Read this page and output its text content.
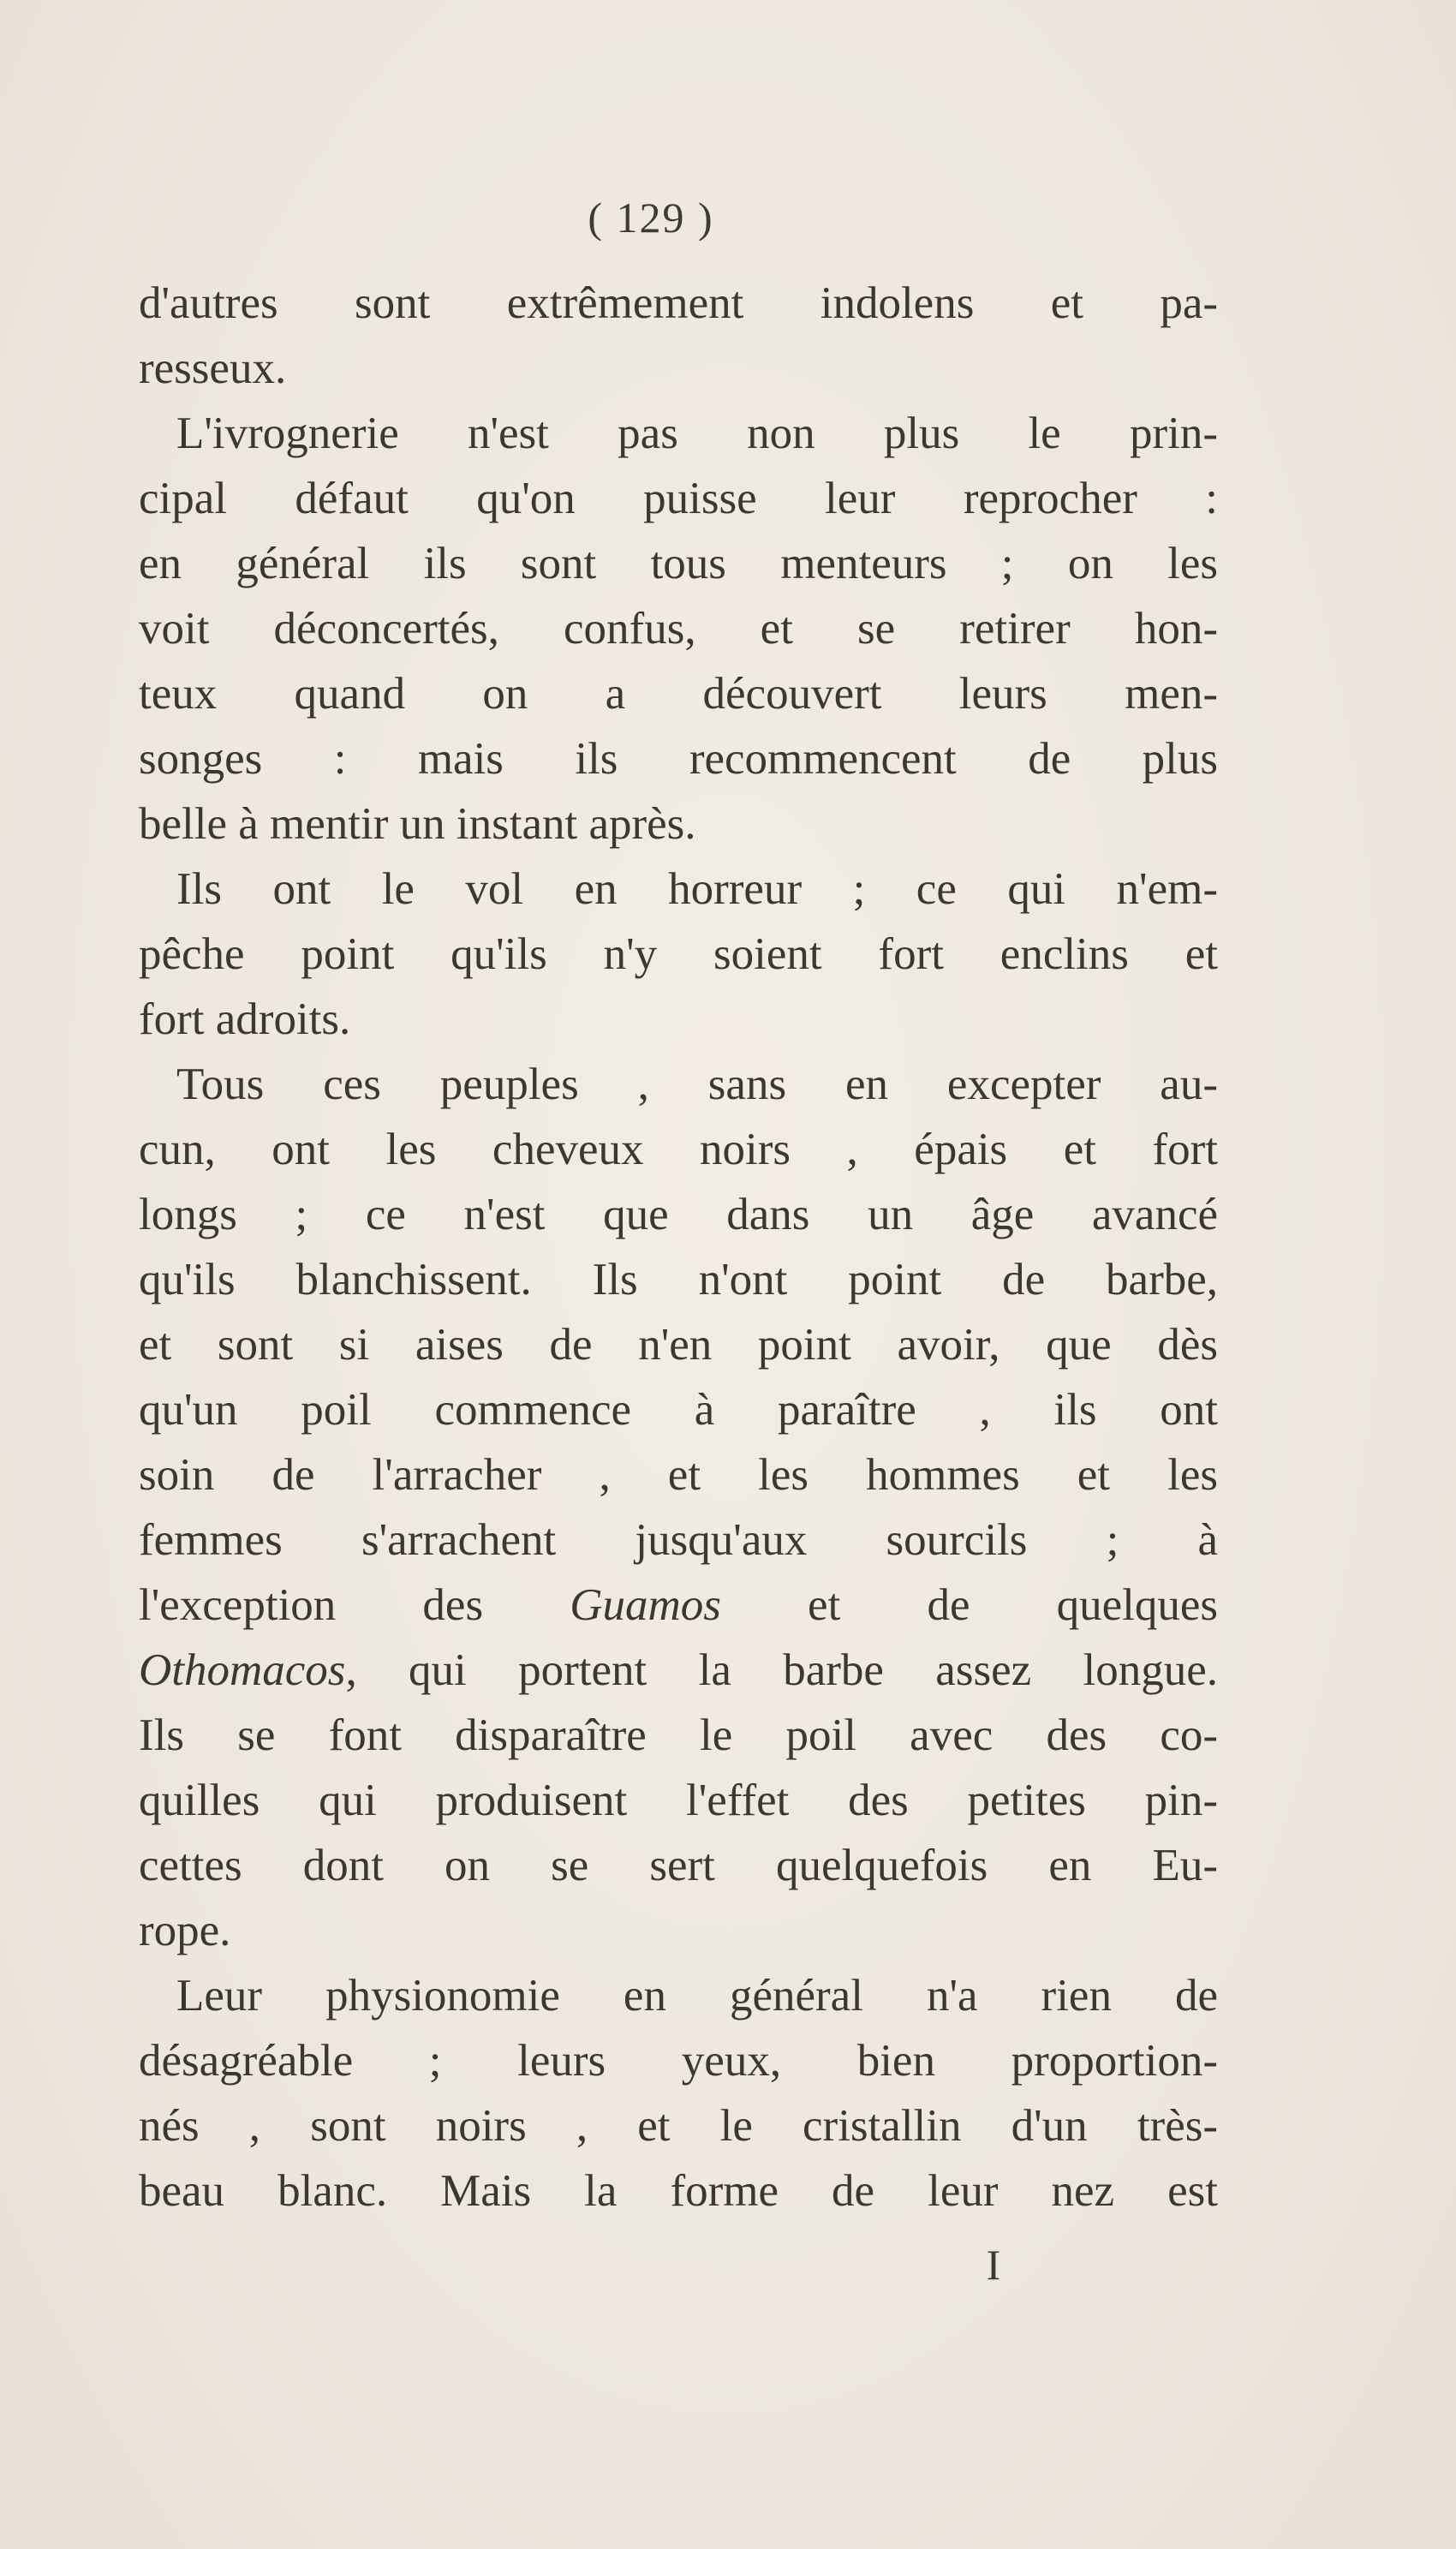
( 129 )
d'autres sont extrêmement indolens et pa-
resseux.
L'ivrognerie n'est pas non plus le prin-
cipal défaut qu'on puisse leur reprocher :
en général ils sont tous menteurs ; on les
voit déconcertés, confus, et se retirer hon-
teux quand on a découvert leurs men-
songes : mais ils recommencent de plus
belle à mentir un instant après.
Ils ont le vol en horreur ; ce qui n'em-
pêche point qu'ils n'y soient fort enclins et
fort adroits.
Tous ces peuples , sans en excepter au-
cun, ont les cheveux noirs , épais et fort
longs ; ce n'est que dans un âge avancé
qu'ils blanchissent. Ils n'ont point de barbe,
et sont si aises de n'en point avoir, que dès
qu'un poil commence à paraître , ils ont
soin de l'arracher , et les hommes et les
femmes s'arrachent jusqu'aux sourcils ; à
l'exception des Guamos et de quelques
Othomacos, qui portent la barbe assez longue.
Ils se font disparaître le poil avec des co-
quilles qui produisent l'effet des petites pin-
cettes dont on se sert quelquefois en Eu-
rope.
Leur physionomie en général n'a rien de
désagréable ; leurs yeux, bien proportion-
nés , sont noirs , et le cristallin d'un très-
beau blanc. Mais la forme de leur nez est
I
